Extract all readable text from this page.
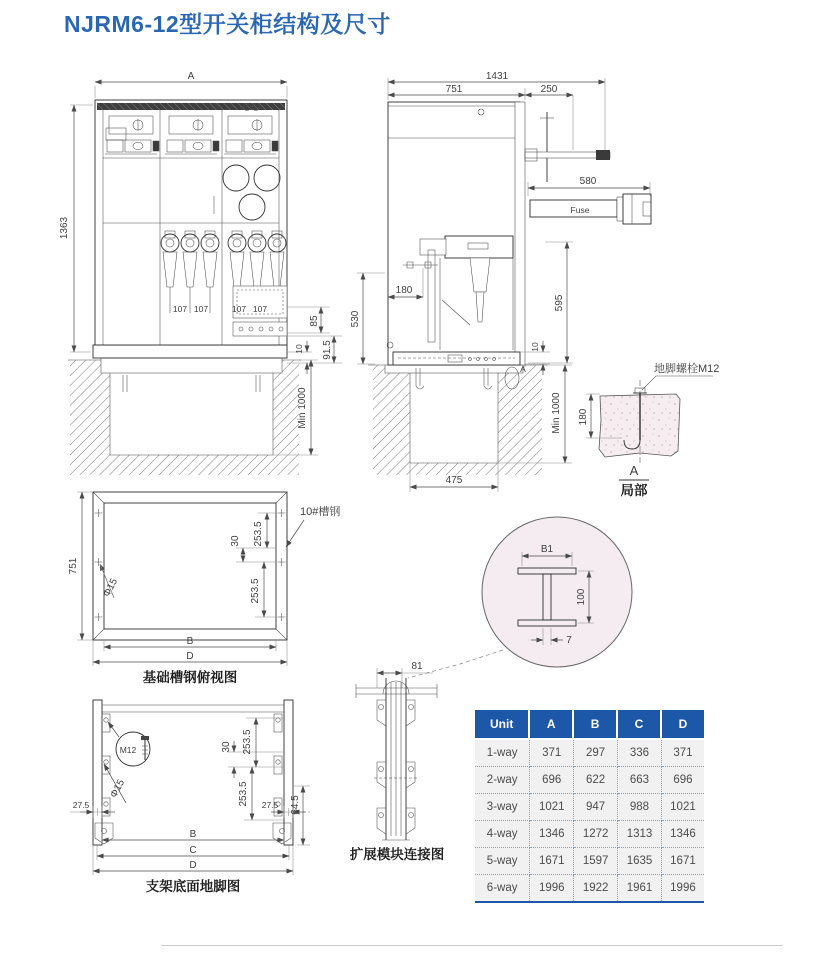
NJRM6-12型开关柜结构及尺寸
A
1363
107 107	107 107
85
91.5
10
Min 1000
Fuse
A
180
1431
751	250
580
530
595
10
475
Min 1000
地脚螺栓M12
180
A
局部
253.5
30
253.5
Φ15
10#槽钢
751
B
D
基础槽钢俯视图
M12
Φ15
27.5	27.5 64.5
253.5
30
253.5
B
C
D
支架底面地脚图
B1
100
7
81
扩展模块连接图
Unit	A	B	C	D
1-way	371	297	336	371
2-way	696	622	663	696
3-way	1021	947	988	1021
4-way	1346	1272	1313	1346
5-way	1671	1597	1635	1671
6-way	1996	1922	1961	1996
